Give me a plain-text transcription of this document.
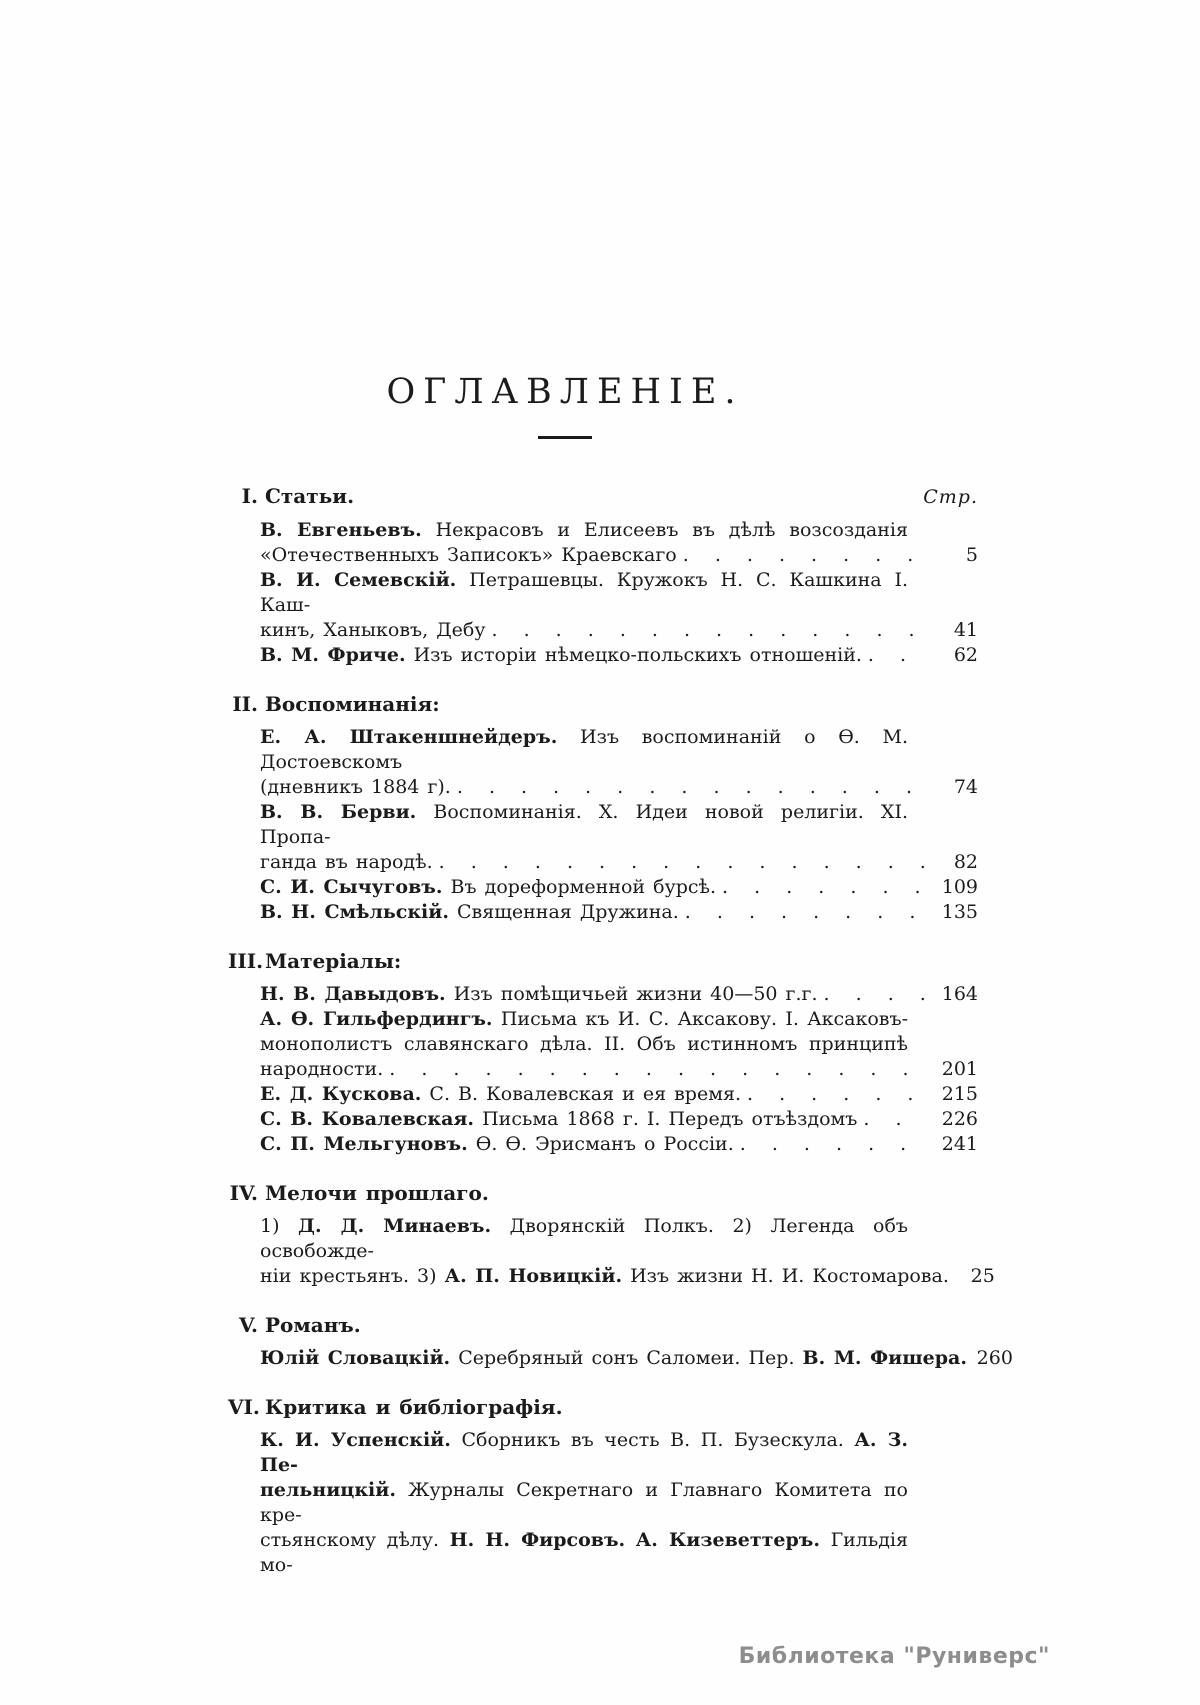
ОГЛАВЛЕНІЕ.
I. Статьи.	Стр.
В. Евгеньевъ. Некрасовъ и Елисеевъ въ дѣлѣ возсозданія
«Отечественныхъ Записокъ» Краевскаго . . .	5
В. И. Семевскій. Петрашевцы. Кружокъ Н. С. Кашкина І. Каш-
кинъ, Ханыковъ, Дебу . . .	41
В. М. Фриче. Изъ исторіи нѣмецко-польскихъ отношеній. . . .	62
II. Воспоминанія:
Е. А. Штакеншнейдеръ. Изъ воспоминаній о Ѳ. М. Достоевскомъ
(дневникъ 1884 г). . . .	74
В. В. Берви. Воспоминанія. X. Идеи новой религіи. XI. Пропа-
ганда въ народѣ. . . .	82
С. И. Сычуговъ. Въ дореформенной бурсѣ. . . .	109
В. Н. Смѣльскій. Священная Дружина. . . .	135
III. Матеріалы:
Н. В. Давыдовъ. Изъ помѣщичьей жизни 40—50 г.г. . . .	164
А. Ѳ. Гильфердингъ. Письма къ И. С. Аксакову. I. Аксаковъ-
монополистъ славянскаго дѣла. II. Объ истинномъ принципѣ
народности. . . .	201
Е. Д. Кускова. С. В. Ковалевская и ея время. . . .	215
С. В. Ковалевская. Письма 1868 г. I. Передъ отъѣздомъ . . .	226
С. П. Мельгуновъ. Ѳ. Ѳ. Эрисманъ о Россіи. . . .	241
IV. Мелочи прошлаго.
1) Д. Д. Минаевъ. Дворянскій Полкъ. 2) Легенда объ освобожде-
ніи крестьянъ. 3) А. П. Новицкій. Изъ жизни Н. И. Костомарова.	25
V. Романъ.
Юлій Словацкій. Серебряный сонъ Саломеи. Пер. В. М. Фишера. 260
VI. Критика и библіографія.
К. И. Успенскій. Сборникъ въ честь В. П. Бузескула. А. З. Пе-
пельницкій. Журналы Секретнаго и Главнаго Комитета по кре-
стьянскому дѣлу. Н. Н. Фирсовъ. А. Кизеветтеръ. Гильдія мо-
Библиотека "Руниверс"
